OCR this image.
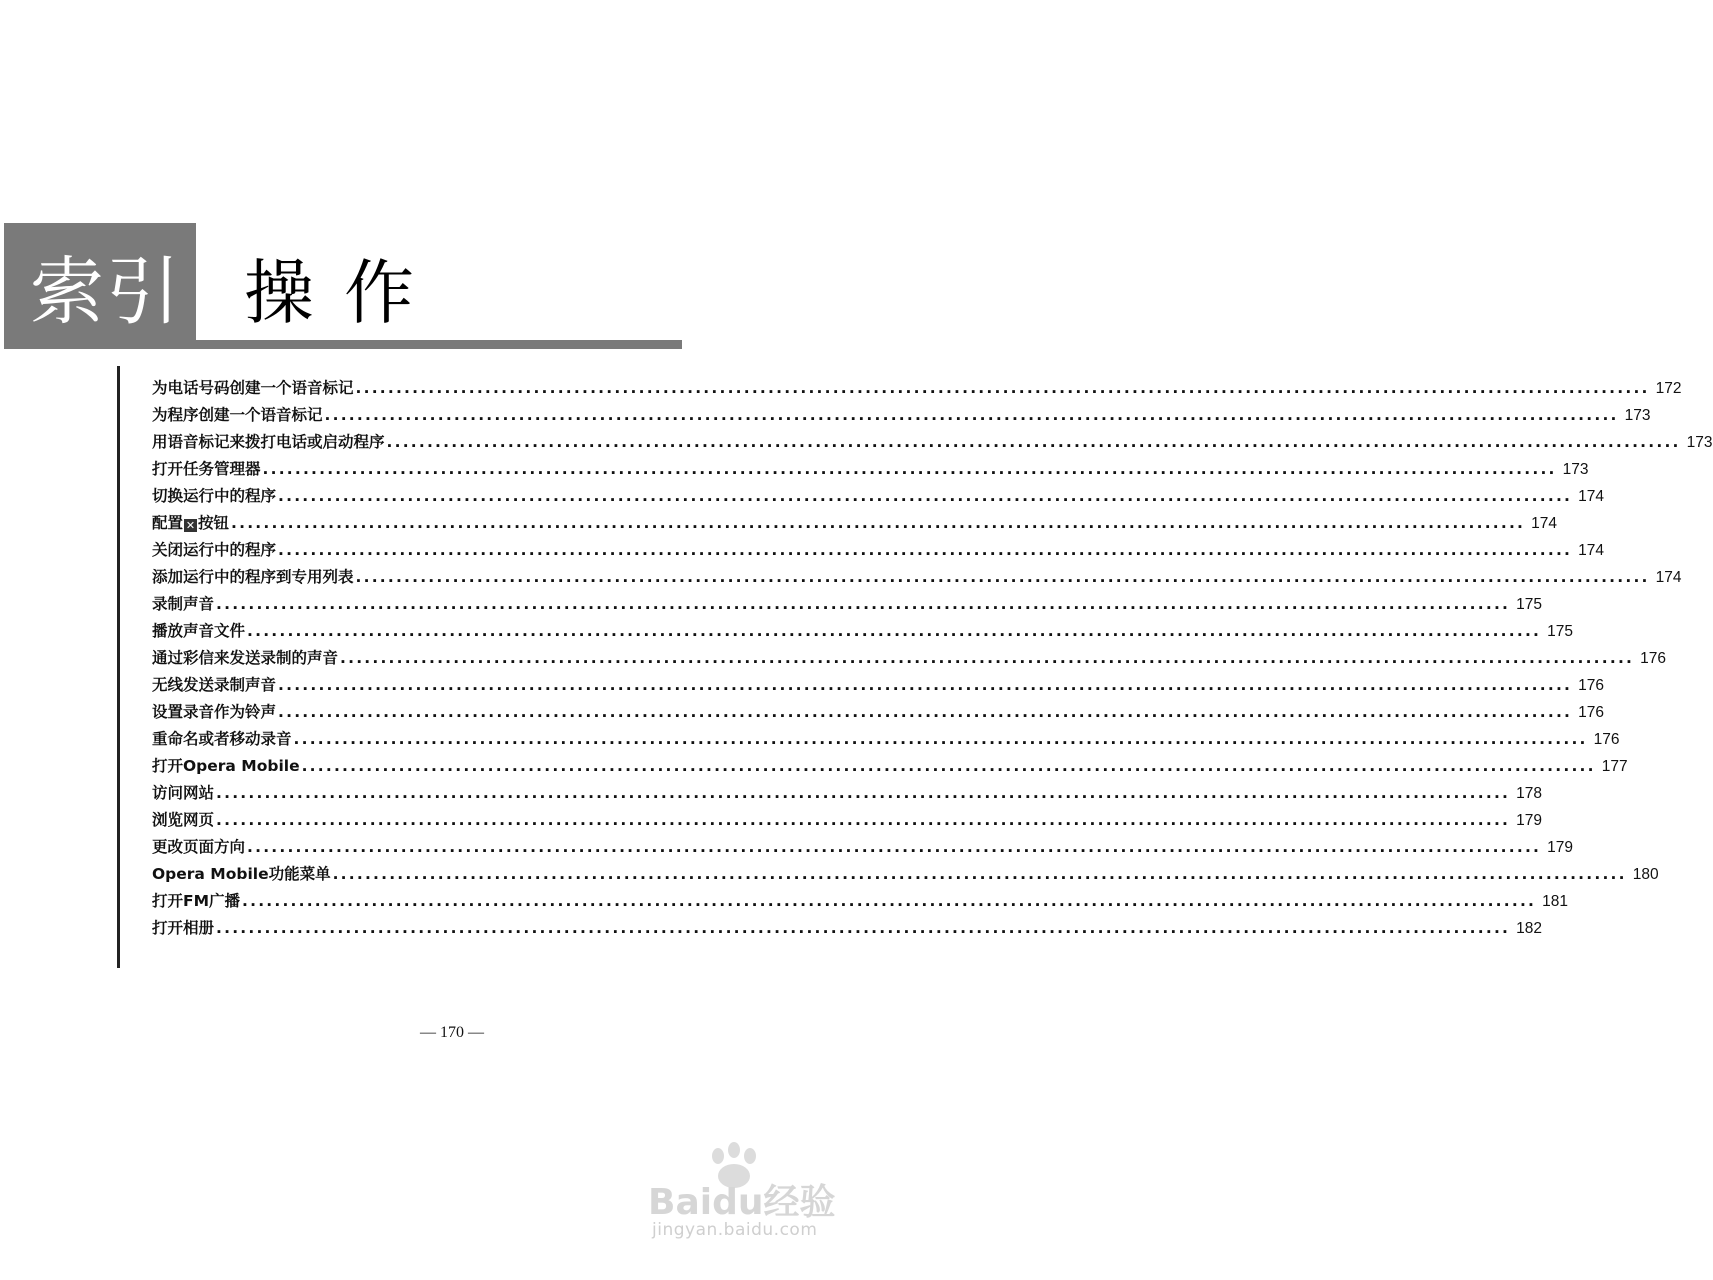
索引 操作
为电话号码创建一个语音标记 ................................................................................................................................................................ 172
为程序创建一个语音标记 ................................................................................................................................................................ 173
用语音标记来拨打电话或启动程序 ................................................................................................................................................................ 173
打开任务管理器 ................................................................................................................................................................ 173
切换运行中的程序 ................................................................................................................................................................ 174
配置 ✕ 按钮 ................................................................................................................................................................ 174
关闭运行中的程序 ................................................................................................................................................................ 174
添加运行中的程序到专用列表 ................................................................................................................................................................ 174
录制声音 ................................................................................................................................................................ 175
播放声音文件 ................................................................................................................................................................ 175
通过彩信来发送录制的声音 ................................................................................................................................................................ 176
无线发送录制声音 ................................................................................................................................................................ 176
设置录音作为铃声 ................................................................................................................................................................ 176
重命名或者移动录音 ................................................................................................................................................................ 176
打开Opera Mobile ................................................................................................................................................................ 177
访问网站 ................................................................................................................................................................ 178
浏览网页 ................................................................................................................................................................ 179
更改页面方向 ................................................................................................................................................................ 179
Opera Mobile功能菜单 ................................................................................................................................................................ 180
打开FM广播 ................................................................................................................................................................ 181
打开相册 ................................................................................................................................................................ 182
— 170 —
Baidu经验
jingyan.baidu.com
